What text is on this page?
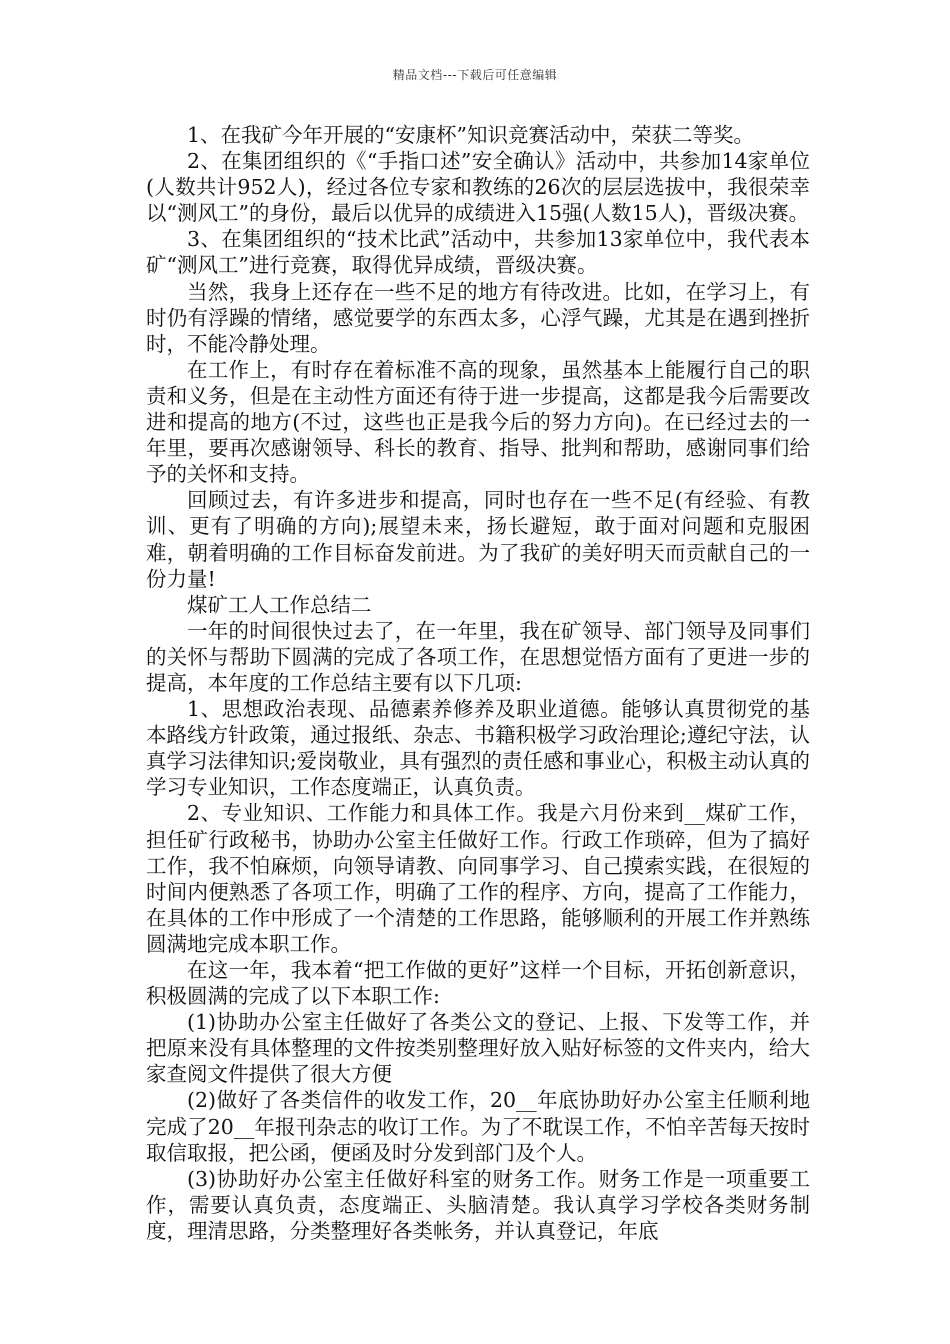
精品文档---下载后可任意编辑

1、在我矿今年开展的“安康杯”知识竞赛活动中，荣获二等奖。

2、在集团组织的《“手指口述”安全确认》活动中，共参加14家单位(人数共计952人)，经过各位专家和教练的26次的层层选拔中，我很荣幸以“测风工”的身份，最后以优异的成绩进入15强(人数15人)，晋级决赛。

3、在集团组织的“技术比武”活动中，共参加13家单位中，我代表本矿“测风工”进行竞赛，取得优异成绩，晋级决赛。

当然，我身上还存在一些不足的地方有待改进。比如，在学习上，有时仍有浮躁的情绪，感觉要学的东西太多，心浮气躁，尤其是在遇到挫折时，不能冷静处理。

在工作上，有时存在着标准不高的现象，虽然基本上能履行自己的职责和义务，但是在主动性方面还有待于进一步提高，这都是我今后需要改进和提高的地方(不过，这些也正是我今后的努力方向)。在已经过去的一年里，要再次感谢领导、科长的教育、指导、批判和帮助，感谢同事们给予的关怀和支持。

回顾过去，有许多进步和提高，同时也存在一些不足(有经验、有教训、更有了明确的方向);展望未来，扬长避短，敢于面对问题和克服困难，朝着明确的工作目标奋发前进。为了我矿的美好明天而贡献自己的一份力量!

煤矿工人工作总结二

一年的时间很快过去了，在一年里，我在矿领导、部门领导及同事们的关怀与帮助下圆满的完成了各项工作，在思想觉悟方面有了更进一步的提高，本年度的工作总结主要有以下几项:

1、思想政治表现、品德素养修养及职业道德。能够认真贯彻党的基本路线方针政策，通过报纸、杂志、书籍积极学习政治理论;遵纪守法，认真学习法律知识;爱岗敬业，具有强烈的责任感和事业心，积极主动认真的学习专业知识，工作态度端正，认真负责。

2、专业知识、工作能力和具体工作。我是六月份来到__煤矿工作，担任矿行政秘书，协助办公室主任做好工作。行政工作琐碎，但为了搞好工作，我不怕麻烦，向领导请教、向同事学习、自己摸索实践，在很短的时间内便熟悉了各项工作，明确了工作的程序、方向，提高了工作能力，在具体的工作中形成了一个清楚的工作思路，能够顺利的开展工作并熟练圆满地完成本职工作。

在这一年，我本着“把工作做的更好”这样一个目标，开拓创新意识，积极圆满的完成了以下本职工作:

(1)协助办公室主任做好了各类公文的登记、上报、下发等工作，并把原来没有具体整理的文件按类别整理好放入贴好标签的文件夹内，给大家查阅文件提供了很大方便

(2)做好了各类信件的收发工作，20__年底协助好办公室主任顺利地完成了20__年报刊杂志的收订工作。为了不耽误工作，不怕辛苦每天按时取信取报，把公函，便函及时分发到部门及个人。

(3)协助好办公室主任做好科室的财务工作。财务工作是一项重要工作，需要认真负责，态度端正、头脑清楚。我认真学习学校各类财务制度，理清思路，分类整理好各类帐务，并认真登记，年底
